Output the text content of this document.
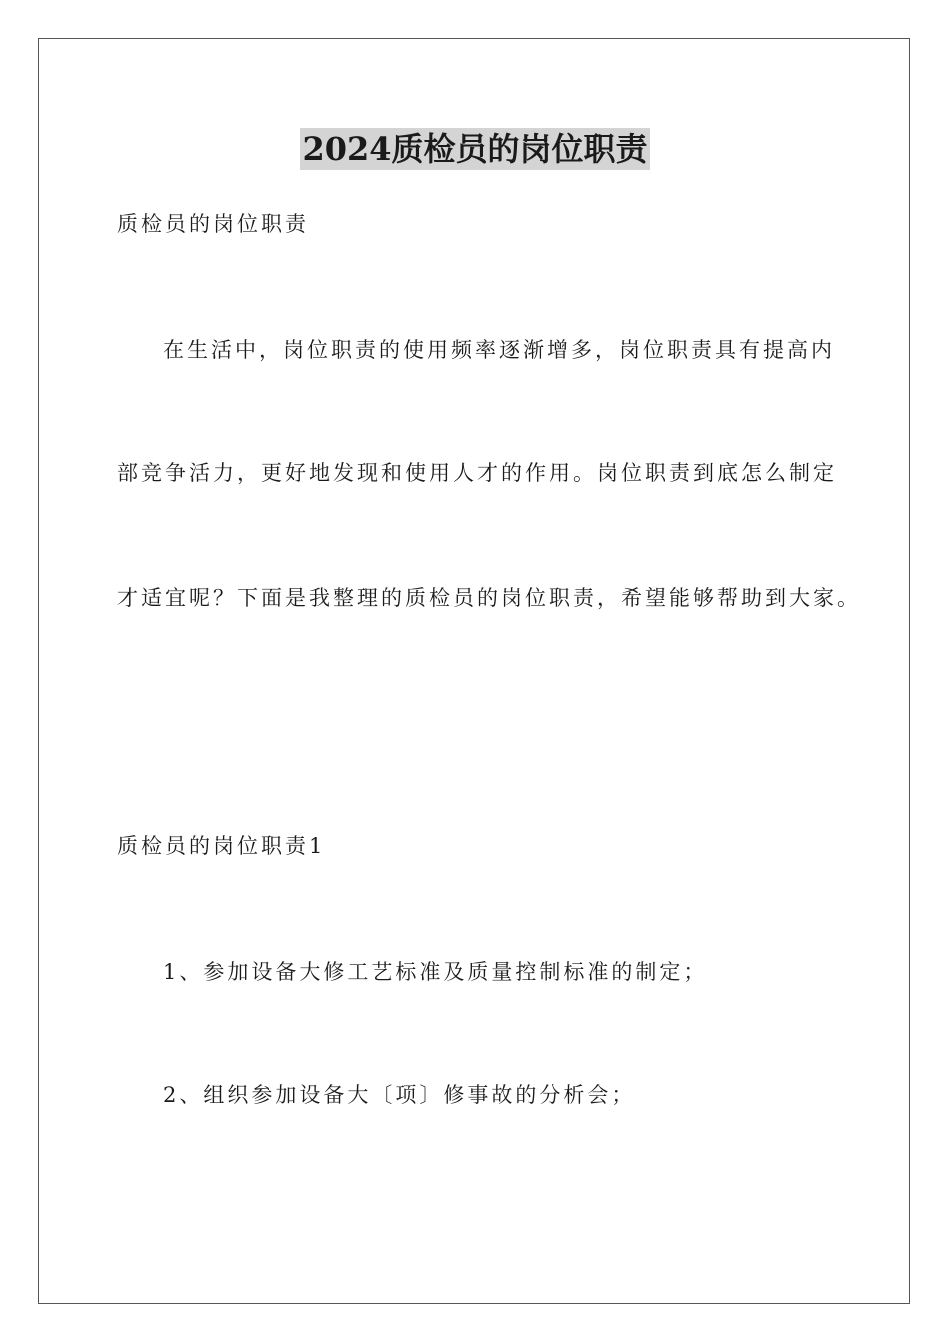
2024质检员的岗位职责
质检员的岗位职责
在生活中，岗位职责的使用频率逐渐增多，岗位职责具有提高内
部竞争活力，更好地发现和使用人才的作用。岗位职责到底怎么制定
才适宜呢？下面是我整理的质检员的岗位职责，希望能够帮助到大家。
质检员的岗位职责1
1、参加设备大修工艺标准及质量控制标准的制定；
2、组织参加设备大〔项〕修事故的分析会；
